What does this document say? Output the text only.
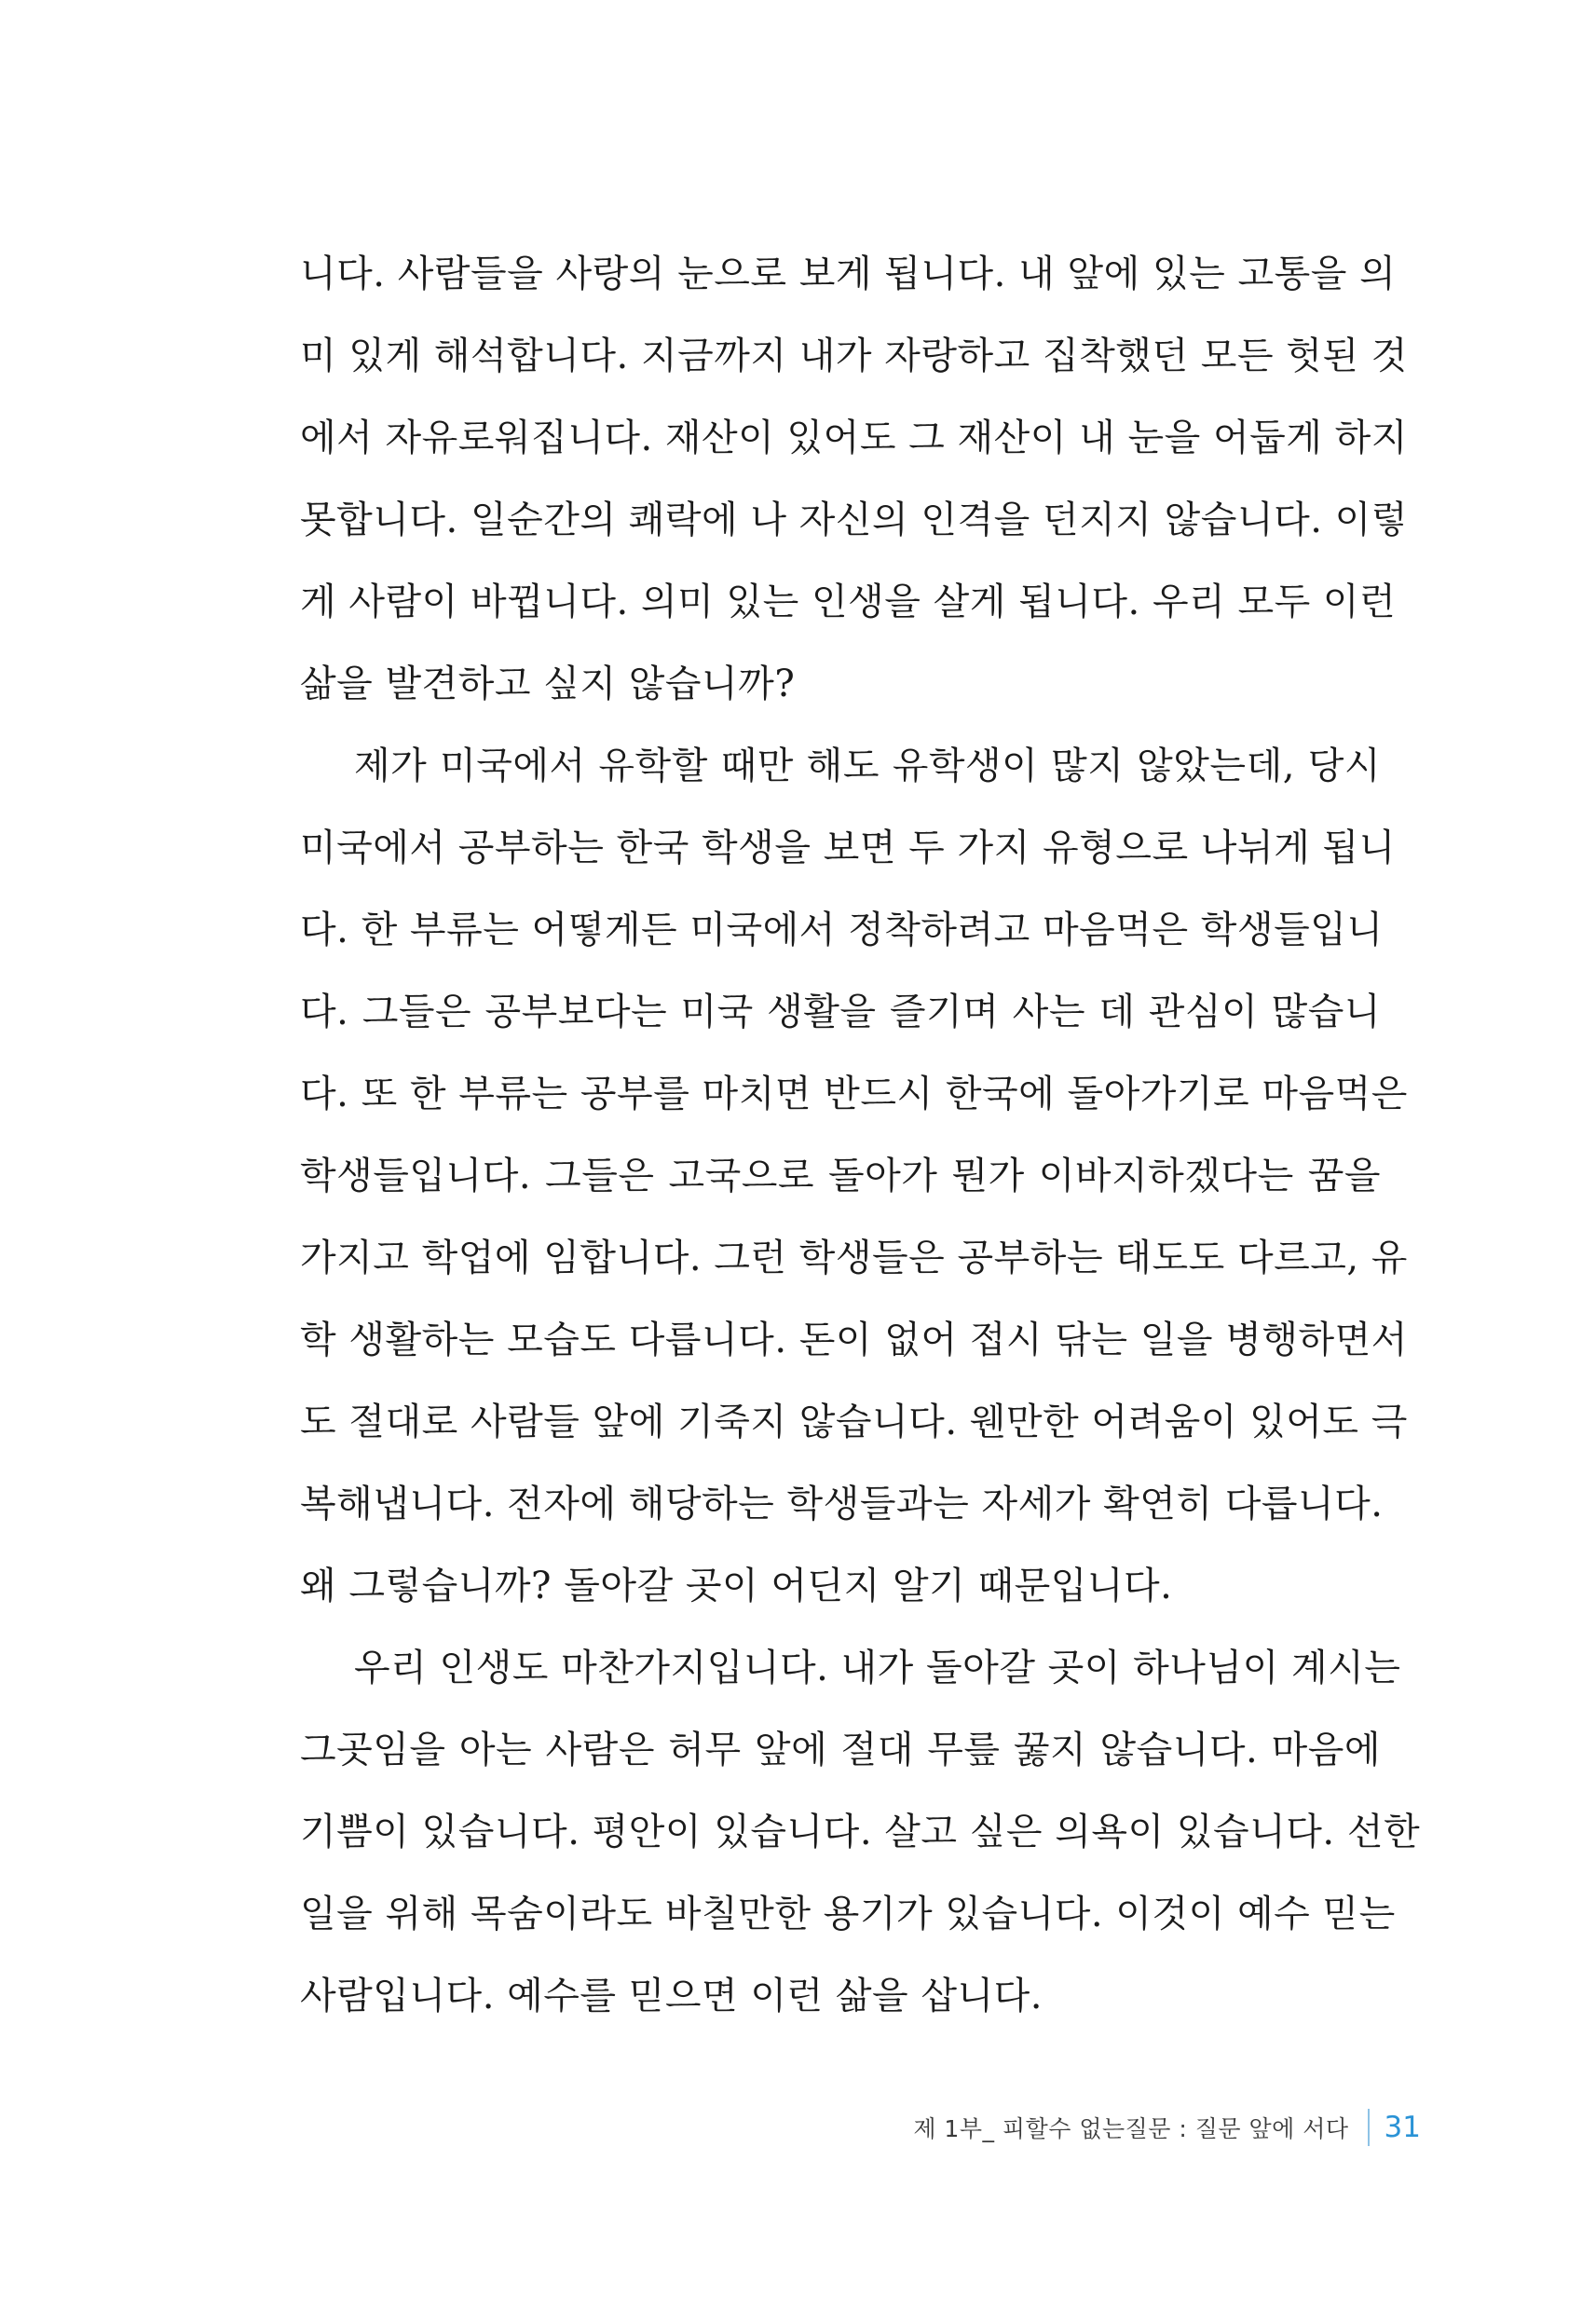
니다. 사람들을 사랑의 눈으로 보게 됩니다. 내 앞에 있는 고통을 의
미 있게 해석합니다. 지금까지 내가 자랑하고 집착했던 모든 헛된 것
에서 자유로워집니다. 재산이 있어도 그 재산이 내 눈을 어둡게 하지
못합니다. 일순간의 쾌락에 나 자신의 인격을 던지지 않습니다. 이렇
게 사람이 바뀝니다. 의미 있는 인생을 살게 됩니다. 우리 모두 이런
삶을 발견하고 싶지 않습니까?
제가 미국에서 유학할 때만 해도 유학생이 많지 않았는데, 당시
미국에서 공부하는 한국 학생을 보면 두 가지 유형으로 나뉘게 됩니
다. 한 부류는 어떻게든 미국에서 정착하려고 마음먹은 학생들입니
다. 그들은 공부보다는 미국 생활을 즐기며 사는 데 관심이 많습니
다. 또 한 부류는 공부를 마치면 반드시 한국에 돌아가기로 마음먹은
학생들입니다. 그들은 고국으로 돌아가 뭔가 이바지하겠다는 꿈을
가지고 학업에 임합니다. 그런 학생들은 공부하는 태도도 다르고, 유
학 생활하는 모습도 다릅니다. 돈이 없어 접시 닦는 일을 병행하면서
도 절대로 사람들 앞에 기죽지 않습니다. 웬만한 어려움이 있어도 극
복해냅니다. 전자에 해당하는 학생들과는 자세가 확연히 다릅니다.
왜 그렇습니까? 돌아갈 곳이 어딘지 알기 때문입니다.
우리 인생도 마찬가지입니다. 내가 돌아갈 곳이 하나님이 계시는
그곳임을 아는 사람은 허무 앞에 절대 무릎 꿇지 않습니다. 마음에
기쁨이 있습니다. 평안이 있습니다. 살고 싶은 의욕이 있습니다. 선한
일을 위해 목숨이라도 바칠만한 용기가 있습니다. 이것이 예수 믿는
사람입니다. 예수를 믿으면 이런 삶을 삽니다.
제 1부_ 피할수 없는질문 : 질문 앞에 서다 31
